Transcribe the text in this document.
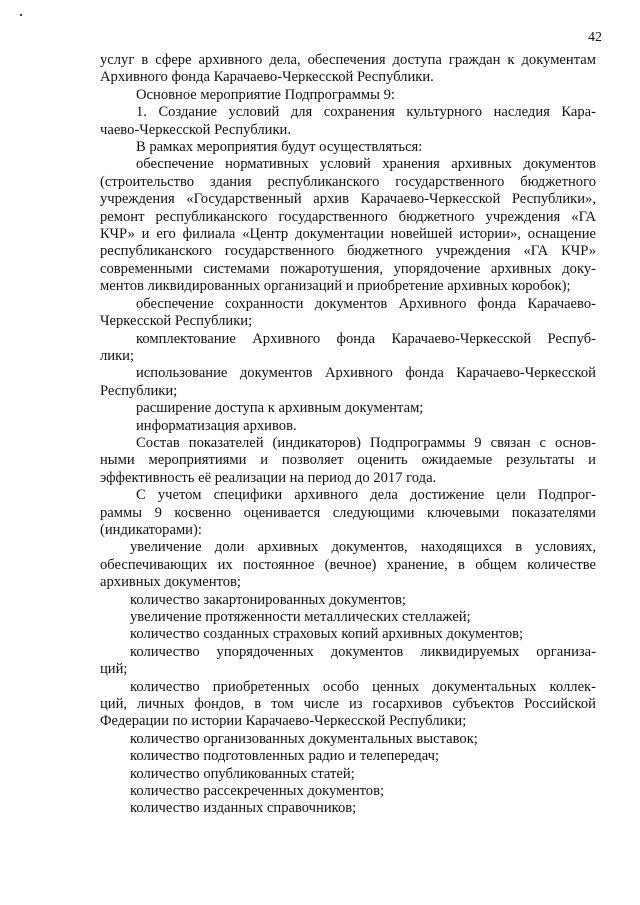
42
услуг в сфере архивного дела, обеспечения доступа граждан к документам
Архивного фонда Карачаево-Черкесской Республики.
Основное мероприятие Подпрограммы 9:
1. Создание условий для сохранения культурного наследия Кара-
чаево-Черкесской Республики.
В рамках мероприятия будут осуществляться:
обеспечение нормативных условий хранения архивных документов
(строительство здания республиканского государственного бюджетного
учреждения «Государственный архив Карачаево-Черкесской Республики»,
ремонт республиканского государственного бюджетного учреждения «ГА
КЧР» и его филиала «Центр документации новейшей истории», оснащение
республиканского государственного бюджетного учреждения «ГА КЧР»
современными системами пожаротушения, упорядочение архивных доку-
ментов ликвидированных организаций и приобретение архивных коробок);
обеспечение сохранности документов Архивного фонда Карачаево-
Черкесской Республики;
комплектование Архивного фонда Карачаево-Черкесской Респуб-
лики;
использование документов Архивного фонда Карачаево-Черкесской
Республики;
расширение доступа к архивным документам;
информатизация архивов.
Состав показателей (индикаторов) Подпрограммы 9 связан с основ-
ными мероприятиями и позволяет оценить ожидаемые результаты и
эффективность её реализации на период до 2017 года.
С учетом специфики архивного дела достижение цели Подпрог-
раммы 9 косвенно оценивается следующими ключевыми показателями
(индикаторами):
увеличение доли архивных документов, находящихся в условиях,
обеспечивающих их постоянное (вечное) хранение, в общем количестве
архивных документов;
количество закартонированных документов;
увеличение протяженности металлических стеллажей;
количество созданных страховых копий архивных документов;
количество упорядоченных документов ликвидируемых организа-
ций;
количество приобретенных особо ценных документальных коллек-
ций, личных фондов, в том числе из госархивов субъектов Российской
Федерации по истории Карачаево-Черкесской Республики;
количество организованных документальных выставок;
количество подготовленных радио и телепередач;
количество опубликованных статей;
количество рассекреченных документов;
количество изданных справочников;
